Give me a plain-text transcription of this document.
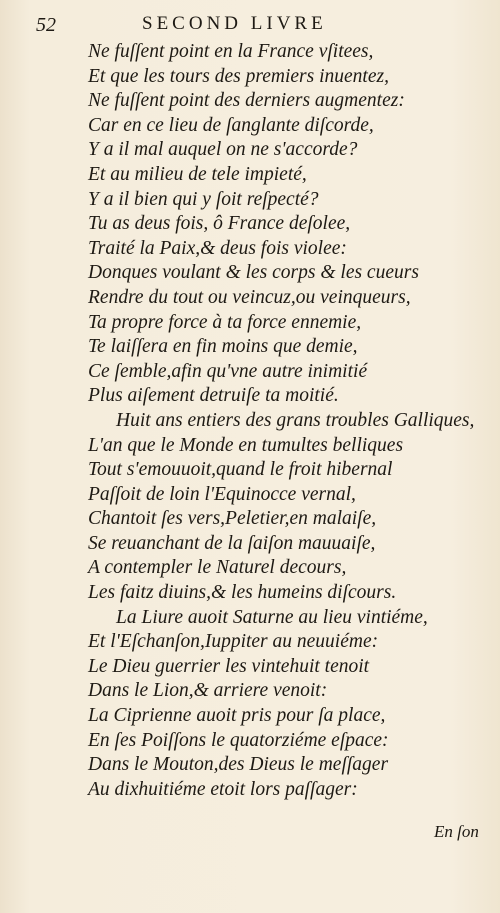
52	SECOND LIVRE
Ne fuſſent point en la France vſitees,
Et que les tours des premiers inuentez,
Ne fuſſent point des derniers augmentez:
Car en ce lieu de ſanglante diſcorde,
Y a il mal auquel on ne s'accorde?
Et au milieu de tele impieté,
Y a il bien qui y ſoit reſpecté?
Tu as deus fois, ô France deſolee,
Traité la Paix,& deus fois violee:
Donques voulant & les corps & les cueurs
Rendre du tout ou veincuz,ou veinqueurs,
Ta propre force à ta force ennemie,
Te laiſſera en fin moins que demie,
Ce ſemble,afin qu'vne autre inimitié
Plus aiſement detruiſe ta moitié.
Huit ans entiers des grans troubles Galliques,
L'an que le Monde en tumultes belliques
Tout s'emouuoit,quand le froit hibernal
Paſſoit de loin l'Equinocce vernal,
Chantoit ſes vers,Peletier,en malaiſe,
Se reuanchant de la ſaiſon mauuaiſe,
A contempler le Naturel decours,
Les faitz diuins,& les humeins diſcours.
La Liure auoit Saturne au lieu vintiéme,
Et l'Eſchanſon,Iuppiter au neuuiéme:
Le Dieu guerrier les vintehuit tenoit
Dans le Lion,& arriere venoit:
La Ciprienne auoit pris pour ſa place,
En ſes Poiſſons le quatorziéme eſpace:
Dans le Mouton,des Dieus le meſſager
Au dixhuitiéme etoit lors paſſager:
En ſon
